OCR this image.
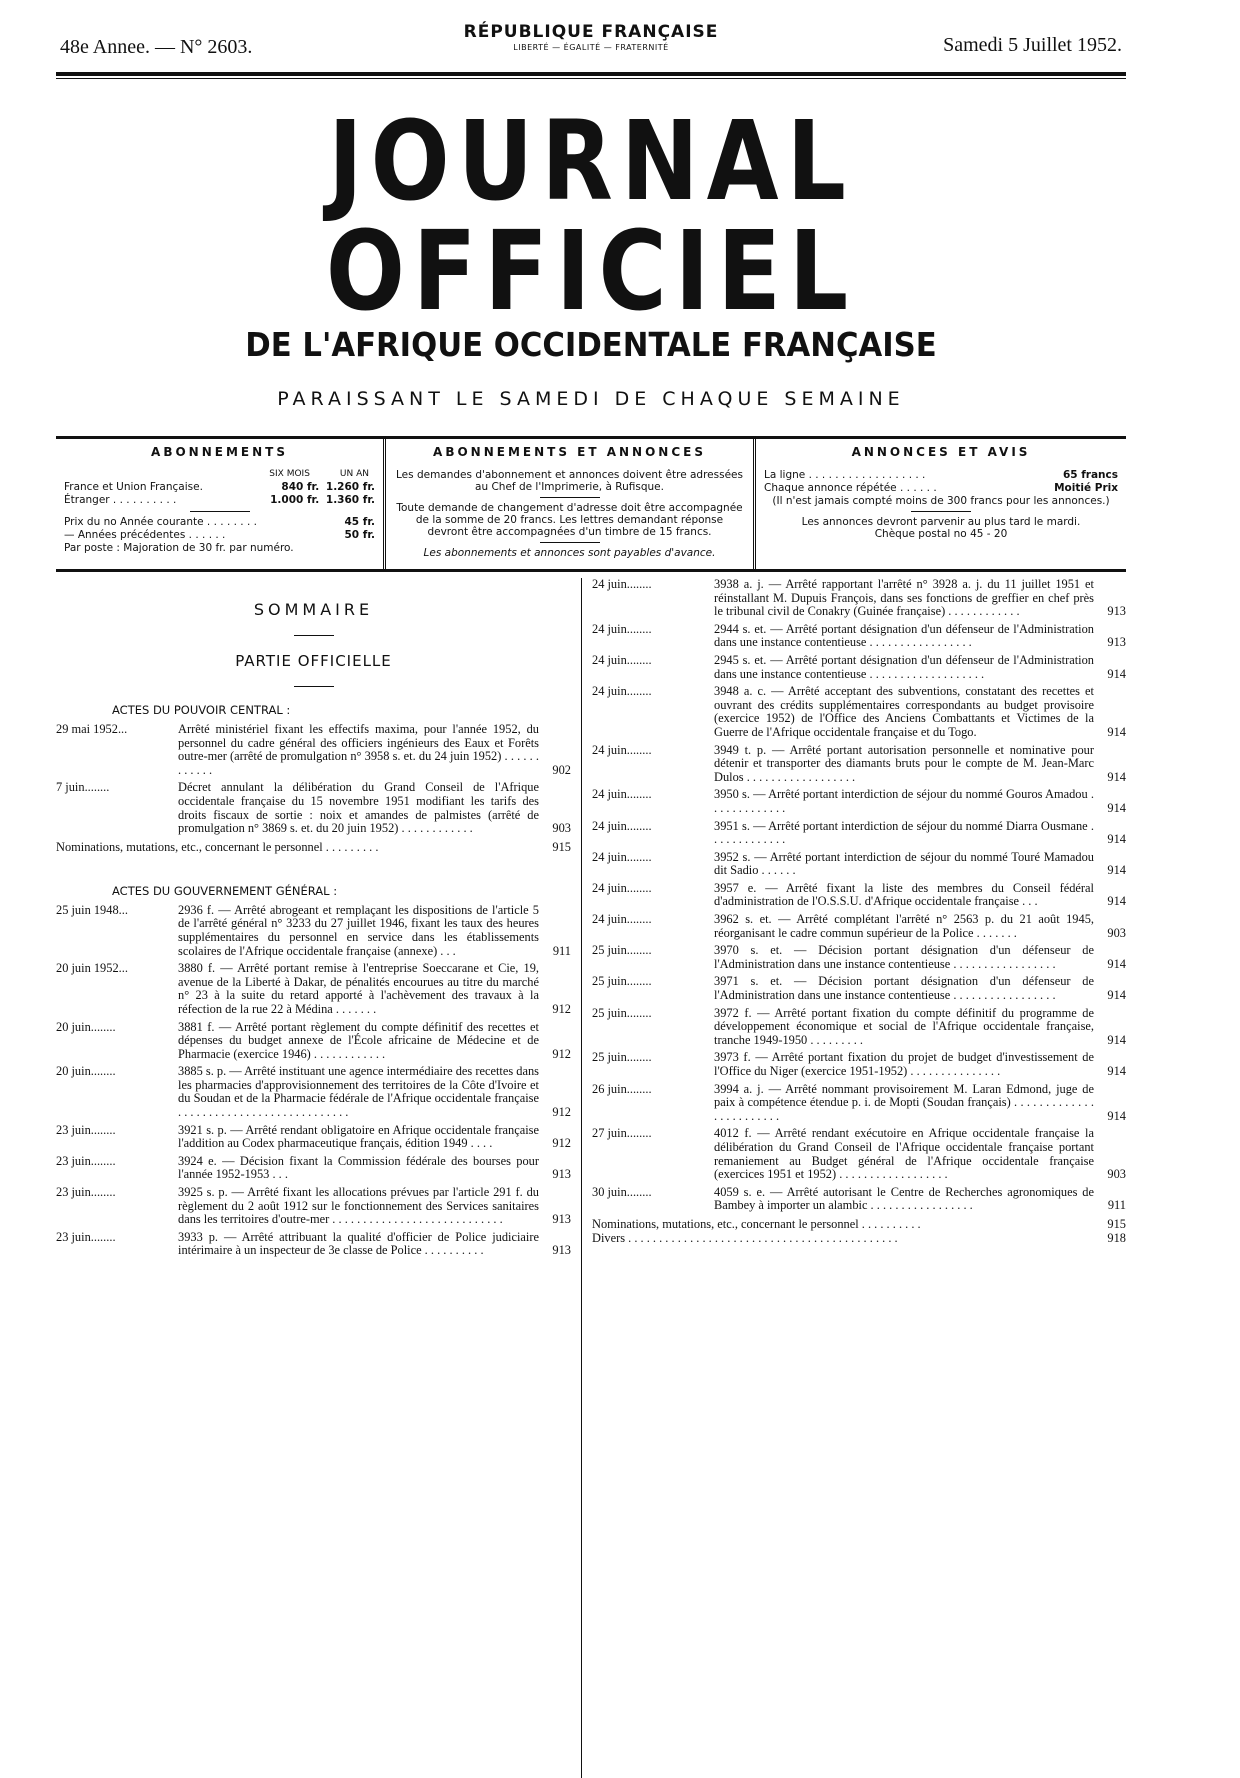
48e Annee. — N° 2603.
RÉPUBLIQUE FRANÇAISE
LIBERTÉ — ÉGALITÉ — FRATERNITÉ	Samedi 5 Juillet 1952.
JOURNAL OFFICIEL
DE L'AFRIQUE OCCIDENTALE FRANÇAISE
PARAISSANT LE SAMEDI DE CHAQUE SEMAINE
ABONNEMENTS
SIX MOIS	UN AN
France et Union Française.	840 fr. 1.260 fr.
Étranger . . . . . . . . . .	1.000 fr. 1.360 fr.
Prix du no Année courante . . . . . . . .	45 fr.
— Années précédentes . . . . . .	50 fr.
Par poste : Majoration de 30 fr. par numéro.
ABONNEMENTS ET ANNONCES
Les demandes d'abonnement et annonces doivent être adressées au Chef de l'Imprimerie, à Rufisque.
Toute demande de changement d'adresse doit être accompagnée de la somme de 20 francs. Les lettres demandant réponse devront être accompagnées d'un timbre de 15 francs.
Les abonnements et annonces sont payables d'avance.
ANNONCES ET AVIS
La ligne . . . . . . . . . . . . . . . . . .	65 francs
Chaque annonce répétée . . . . . .	Moitié Prix
(Il n'est jamais compté moins de 300 francs pour les annonces.)
Les annonces devront parvenir au plus tard le mardi.
Chèque postal no 45 - 20
SOMMAIRE
PARTIE OFFICIELLE
ACTES DU POUVOIR CENTRAL :
29 mai 1952...	Arrêté ministériel fixant les effectifs maxima, pour l'année 1952, du personnel du cadre général des officiers ingénieurs des Eaux et Forêts outre-mer (arrêté de promulgation n° 3958 s. et. du 24 juin 1952) . . . . . . . . . . . .	902
7 juin........	Décret annulant la délibération du Grand Conseil de l'Afrique occidentale française du 15 novembre 1951 modifiant les tarifs des droits fiscaux de sortie : noix et amandes de palmistes (arrêté de promulgation n° 3869 s. et. du 20 juin 1952) . . . . . . . . . . . .	903
Nominations, mutations, etc., concernant le personnel . . . . . . . . .	915
ACTES DU GOUVERNEMENT GÉNÉRAL :
25 juin 1948...	2936 f. — Arrêté abrogeant et remplaçant les dispositions de l'article 5 de l'arrêté général n° 3233 du 27 juillet 1946, fixant les taux des heures supplémentaires du personnel en service dans les établissements scolaires de l'Afrique occidentale française (annexe) . . .	911
20 juin 1952...	3880 f. — Arrêté portant remise à l'entreprise Soeccarane et Cie, 19, avenue de la Liberté à Dakar, de pénalités encourues au titre du marché n° 23 à la suite du retard apporté à l'achèvement des travaux à la réfection de la rue 22 à Médina . . . . . . .	912
20 juin........	3881 f. — Arrêté portant règlement du compte définitif des recettes et dépenses du budget annexe de l'École africaine de Médecine et de Pharmacie (exercice 1946) . . . . . . . . . . . .	912
20 juin........	3885 s. p. — Arrêté instituant une agence intermédiaire des recettes dans les pharmacies d'approvisionnement des territoires de la Côte d'Ivoire et du Soudan et de la Pharmacie fédérale de l'Afrique occidentale française . . . . . . . . . . . . . . . . . . . . . . . . . . . .	912
23 juin........	3921 s. p. — Arrêté rendant obligatoire en Afrique occidentale française l'addition au Codex pharmaceutique français, édition 1949 . . . .	912
23 juin........	3924 e. — Décision fixant la Commission fédérale des bourses pour l'année 1952-1953 . . .	913
23 juin........	3925 s. p. — Arrêté fixant les allocations prévues par l'article 291 f. du règlement du 2 août 1912 sur le fonctionnement des Services sanitaires dans les territoires d'outre-mer . . . . . . . . . . . . . . . . . . . . . . . . . . . .	913
23 juin........	3933 p. — Arrêté attribuant la qualité d'officier de Police judiciaire intérimaire à un inspecteur de 3e classe de Police . . . . . . . . . .	913
24 juin........	3938 a. j. — Arrêté rapportant l'arrêté n° 3928 a. j. du 11 juillet 1951 et réinstallant M. Dupuis François, dans ses fonctions de greffier en chef près le tribunal civil de Conakry (Guinée française) . . . . . . . . . . . .	913
24 juin........	2944 s. et. — Arrêté portant désignation d'un défenseur de l'Administration dans une instance contentieuse . . . . . . . . . . . . . . . . .	913
24 juin........	2945 s. et. — Arrêté portant désignation d'un défenseur de l'Administration dans une instance contentieuse . . . . . . . . . . . . . . . . . . .	914
24 juin........	3948 a. c. — Arrêté acceptant des subventions, constatant des recettes et ouvrant des crédits supplémentaires correspondants au budget provisoire (exercice 1952) de l'Office des Anciens Combattants et Victimes de la Guerre de l'Afrique occidentale française et du Togo.	914
24 juin........	3949 t. p. — Arrêté portant autorisation personnelle et nominative pour détenir et transporter des diamants bruts pour le compte de M. Jean-Marc Dulos . . . . . . . . . . . . . . . . . .	914
24 juin........	3950 s. — Arrêté portant interdiction de séjour du nommé Gouros Amadou . . . . . . . . . . . . .	914
24 juin........	3951 s. — Arrêté portant interdiction de séjour du nommé Diarra Ousmane . . . . . . . . . . . . .	914
24 juin........	3952 s. — Arrêté portant interdiction de séjour du nommé Touré Mamadou dit Sadio . . . . . .	914
24 juin........	3957 e. — Arrêté fixant la liste des membres du Conseil fédéral d'administration de l'O.S.S.U. d'Afrique occidentale française . . .	914
24 juin........	3962 s. et. — Arrêté complétant l'arrêté n° 2563 p. du 21 août 1945, réorganisant le cadre commun supérieur de la Police . . . . . . .	903
25 juin........	3970 s. et. — Décision portant désignation d'un défenseur de l'Administration dans une instance contentieuse . . . . . . . . . . . . . . . . .	914
25 juin........	3971 s. et. — Décision portant désignation d'un défenseur de l'Administration dans une instance contentieuse . . . . . . . . . . . . . . . . .	914
25 juin........	3972 f. — Arrêté portant fixation du compte définitif du programme de développement économique et social de l'Afrique occidentale française, tranche 1949-1950 . . . . . . . . .	914
25 juin........	3973 f. — Arrêté portant fixation du projet de budget d'investissement de l'Office du Niger (exercice 1951-1952) . . . . . . . . . . . . . . .	914
26 juin........	3994 a. j. — Arrêté nommant provisoirement M. Laran Edmond, juge de paix à compétence étendue p. i. de Mopti (Soudan français) . . . . . . . . . . . . . . . . . . . . . . . .	914
27 juin........	4012 f. — Arrêté rendant exécutoire en Afrique occidentale française la délibération du Grand Conseil de l'Afrique occidentale française portant remaniement au Budget général de l'Afrique occidentale française (exercices 1951 et 1952) . . . . . . . . . . . . . . . . . .	903
30 juin........	4059 s. e. — Arrêté autorisant le Centre de Recherches agronomiques de Bambey à importer un alambic . . . . . . . . . . . . . . . . .	911
Nominations, mutations, etc., concernant le personnel . . . . . . . . . .	915
Divers . . . . . . . . . . . . . . . . . . . . . . . . . . . . . . . . . . . . . . . . . . . .	918
